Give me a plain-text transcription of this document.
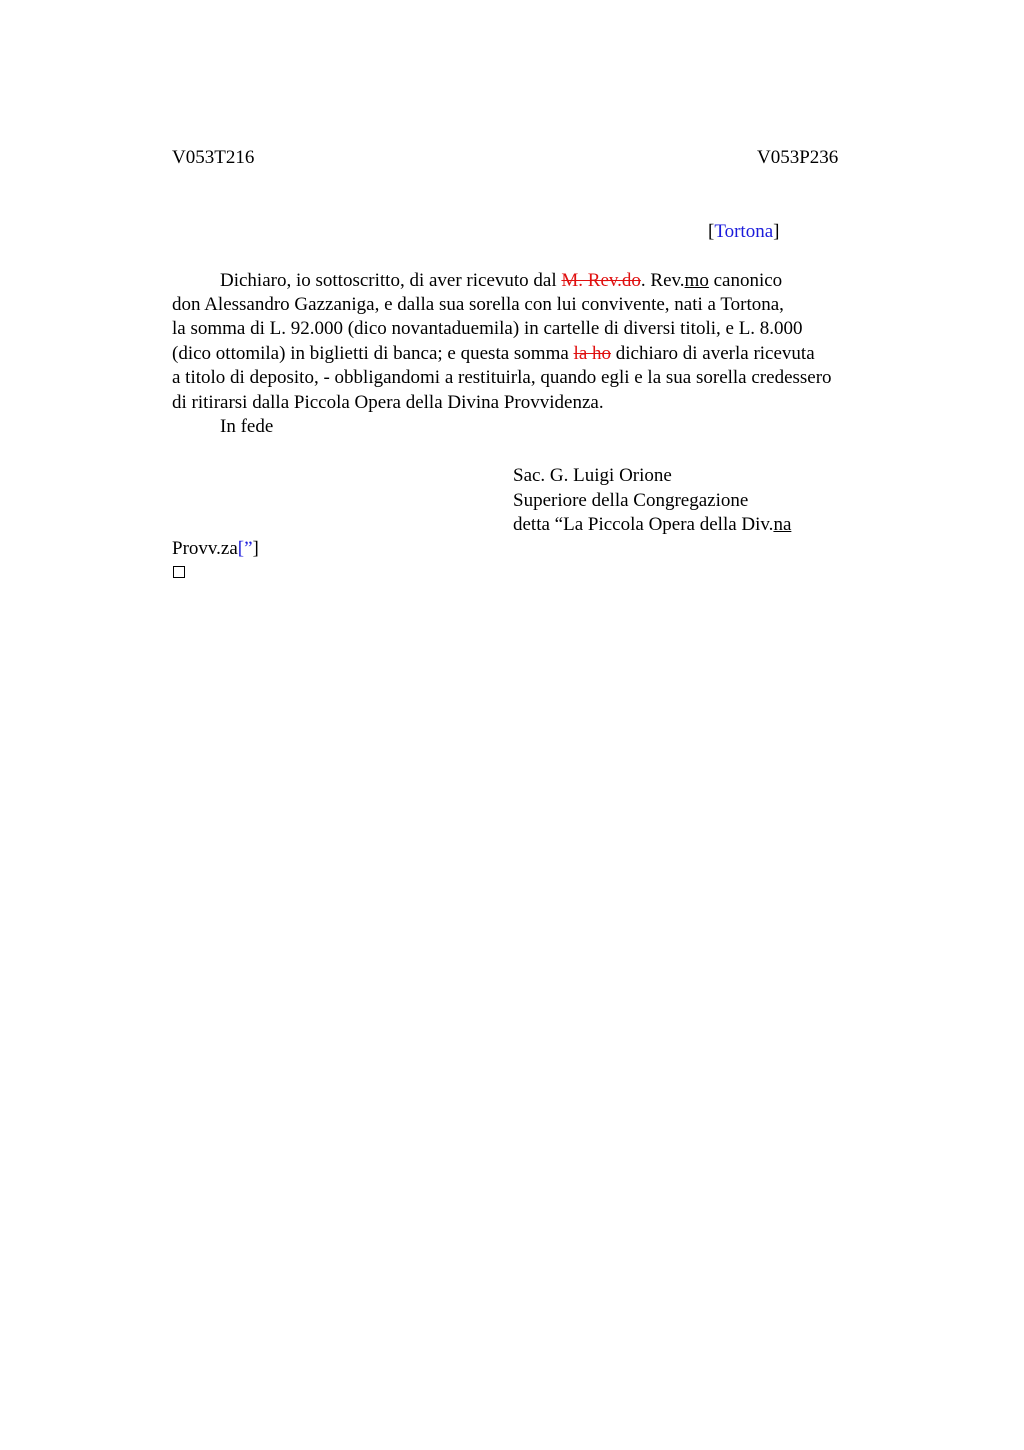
V053T216	V053P236
[Tortona]
Dichiaro, io sottoscritto, di aver ricevuto dal M. Rev.do. Rev.mo canonico
don Alessandro Gazzaniga, e dalla sua sorella con lui convivente, nati a Tortona,
la somma di L. 92.000 (dico novantaduemila) in cartelle di diversi titoli, e L. 8.000
(dico ottomila) in biglietti di banca; e questa somma la ho dichiaro di averla ricevuta
a titolo di deposito, - obbligandomi a restituirla, quando egli e la sua sorella credessero
di ritirarsi dalla Piccola Opera della Divina Provvidenza.
In fede
Sac. G. Luigi Orione
Superiore della Congregazione
detta “La Piccola Opera della Div.na
Provv.za[”]
